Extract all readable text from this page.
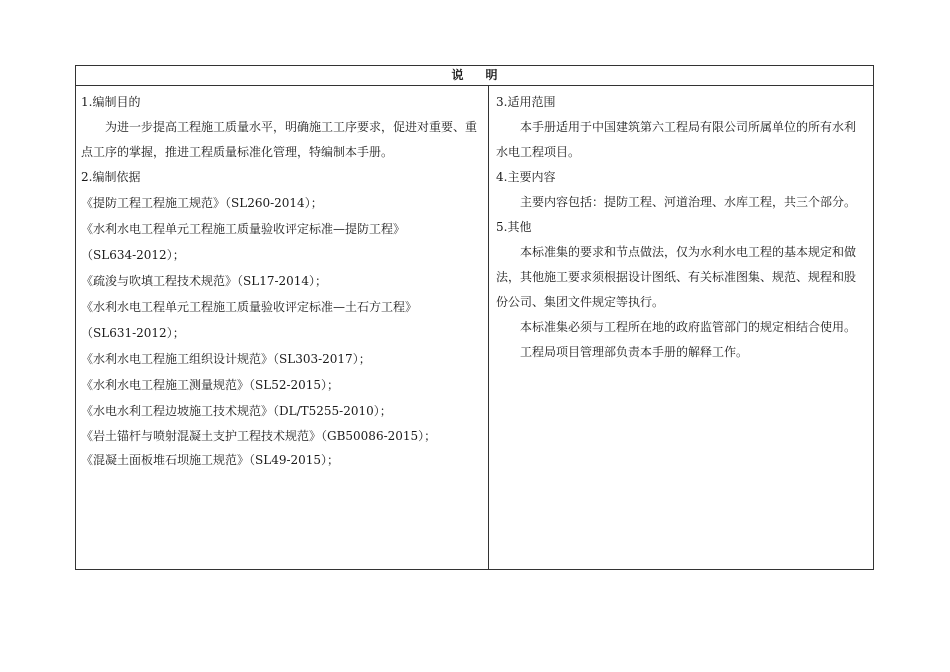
说明
1.编制目的

为进一步提高工程施工质量水平，明确施工工序要求，促进对重要、重点工序的掌握，推进工程质量标准化管理，特编制本手册。

2.编制依据
《提防工程工程施工规范》（SL260-2014）；
《水利水电工程单元工程施工质量验收评定标准—提防工程》
（SL634-2012）；
《疏浚与吹填工程技术规范》（SL17-2014）；
《水利水电工程单元工程施工质量验收评定标准—土石方工程》
（SL631-2012）；
《水利水电工程施工组织设计规范》（SL303-2017）；
《水利水电工程施工测量规范》（SL52-2015）；
《水电水利工程边坡施工技术规范》（DL/T5255-2010）；
《岩土锚杆与喷射混凝土支护工程技术规范》（GB50086-2015）；
《混凝土面板堆石坝施工规范》（SL49-2015）；
3.适用范围

本手册适用于中国建筑第六工程局有限公司所属单位的所有水利水电工程项目。

4.主要内容

主要内容包括：提防工程、河道治理、水库工程，共三个部分。

5.其他

本标准集的要求和节点做法，仅为水利水电工程的基本规定和做法，其他施工要求须根据设计图纸、有关标准图集、规范、规程和股份公司、集团文件规定等执行。

本标准集必须与工程所在地的政府监管部门的规定相结合使用。

工程局项目管理部负责本手册的解释工作。
